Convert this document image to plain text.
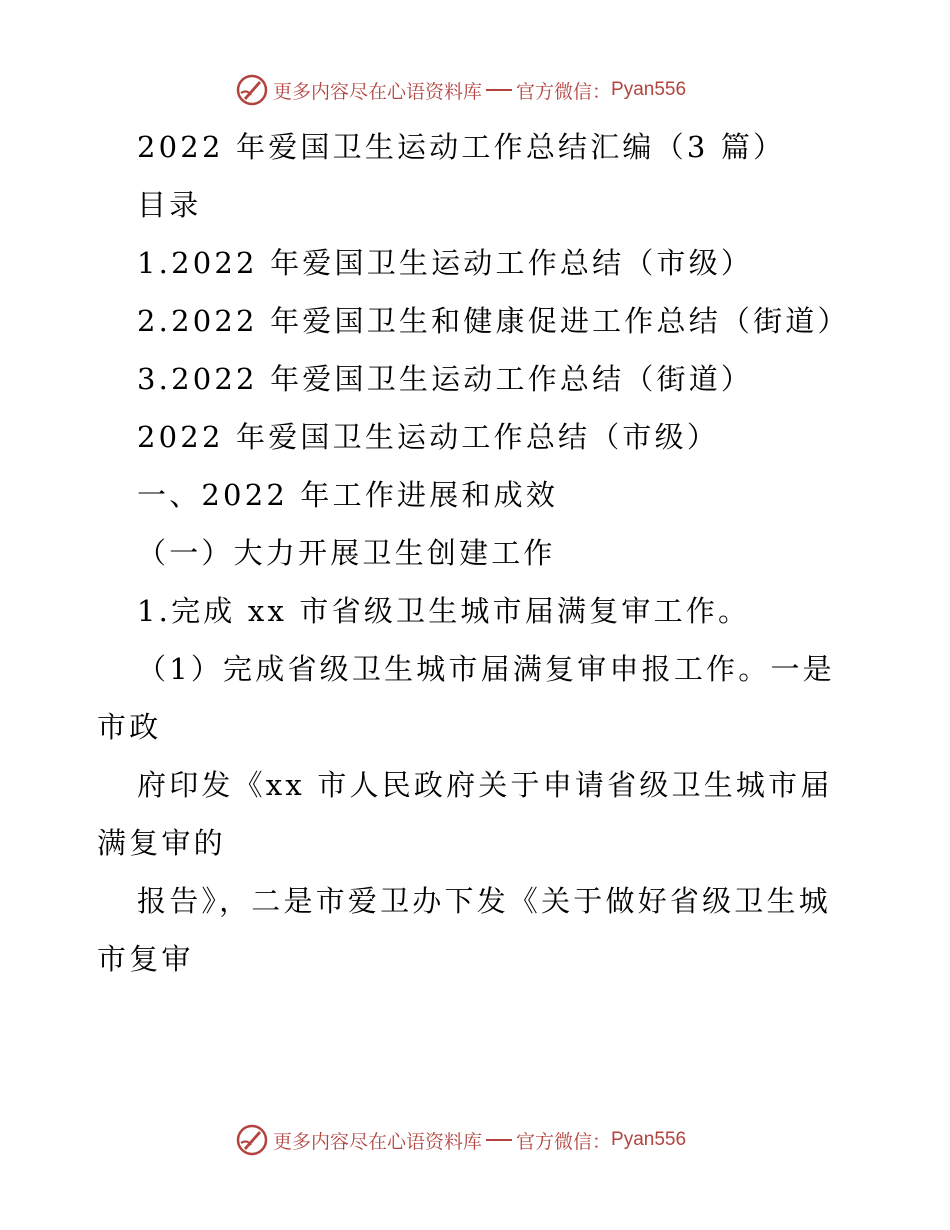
更多内容尽在心语资料库 官方微信： Pyan556

2022 年爱国卫生运动工作总结汇编（3 篇）

目录

1.2022 年爱国卫生运动工作总结（市级）

2.2022 年爱国卫生和健康促进工作总结（街道）

3.2022 年爱国卫生运动工作总结（街道）

2022 年爱国卫生运动工作总结（市级）

一、2022 年工作进展和成效

（一）大力开展卫生创建工作

1.完成 xx 市省级卫生城市届满复审工作。

（1）完成省级卫生城市届满复审申报工作。一是市政

府印发《xx 市人民政府关于申请省级卫生城市届满复审的

报告》，二是市爱卫办下发《关于做好省级卫生城市复审

更多内容尽在心语资料库 官方微信： Pyan556
